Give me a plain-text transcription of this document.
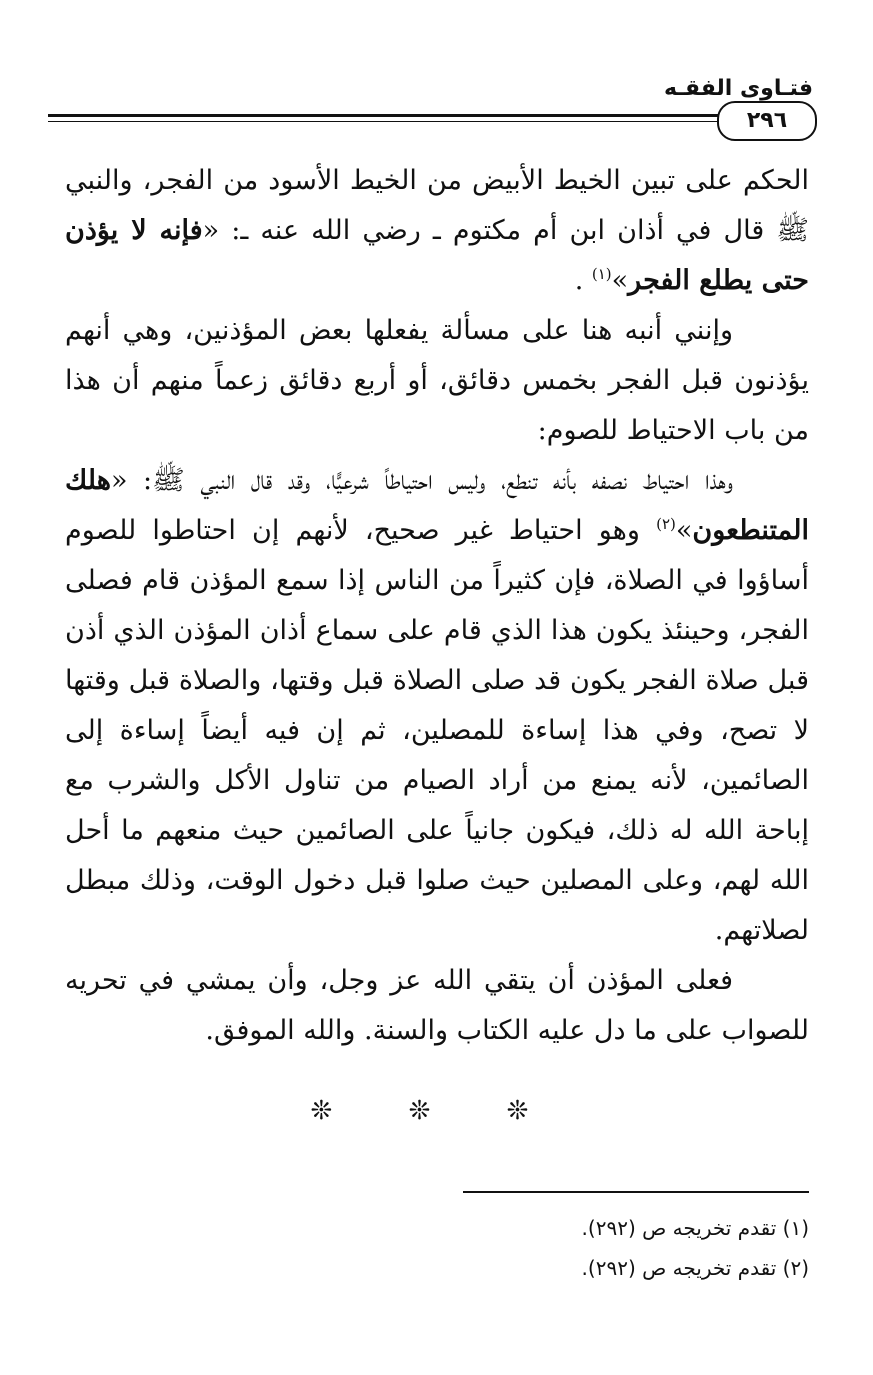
فتـاوى الفقـه
٢٩٦

الحكم على تبين الخيط الأبيض من الخيط الأسود من الفجر، والنبي ﷺ قال في أذان ابن أم مكتوم ـ رضي الله عنه ـ: «فإنه لا يؤذن حتى يطلع الفجر»$^{(١)}$ .

وإنني أنبه هنا على مسألة يفعلها بعض المؤذنين، وهي أنهم يؤذنون قبل الفجر بخمس دقائق، أو أربع دقائق زعماً منهم أن هذا من باب الاحتياط للصوم:

وهذا احتياط نصفه بأنه تنطع، وليس احتياطاً شرعيًّا، وقد قال النبي ﷺ: «هلك المتنطعون»$^{(٢)}$ وهو احتياط غير صحيح، لأنهم إن احتاطوا للصوم أساؤوا في الصلاة، فإن كثيراً من الناس إذا سمع المؤذن قام فصلى الفجر، وحينئذ يكون هذا الذي قام على سماع أذان المؤذن الذي أذن قبل صلاة الفجر يكون قد صلى الصلاة قبل وقتها، والصلاة قبل وقتها لا تصح، وفي هذا إساءة للمصلين، ثم إن فيه أيضاً إساءة إلى الصائمين، لأنه يمنع من أراد الصيام من تناول الأكل والشرب مع إباحة الله له ذلك، فيكون جانياً على الصائمين حيث منعهم ما أحل الله لهم، وعلى المصلين حيث صلوا قبل دخول الوقت، وذلك مبطل لصلاتهم.

فعلى المؤذن أن يتقي الله عز وجل، وأن يمشي في تحريه للصواب على ما دل عليه الكتاب والسنة. والله الموفق.

❊ ❊ ❊
(١) تقدم تخريجه ص (٢٩٢).
(٢) تقدم تخريجه ص (٢٩٢).
